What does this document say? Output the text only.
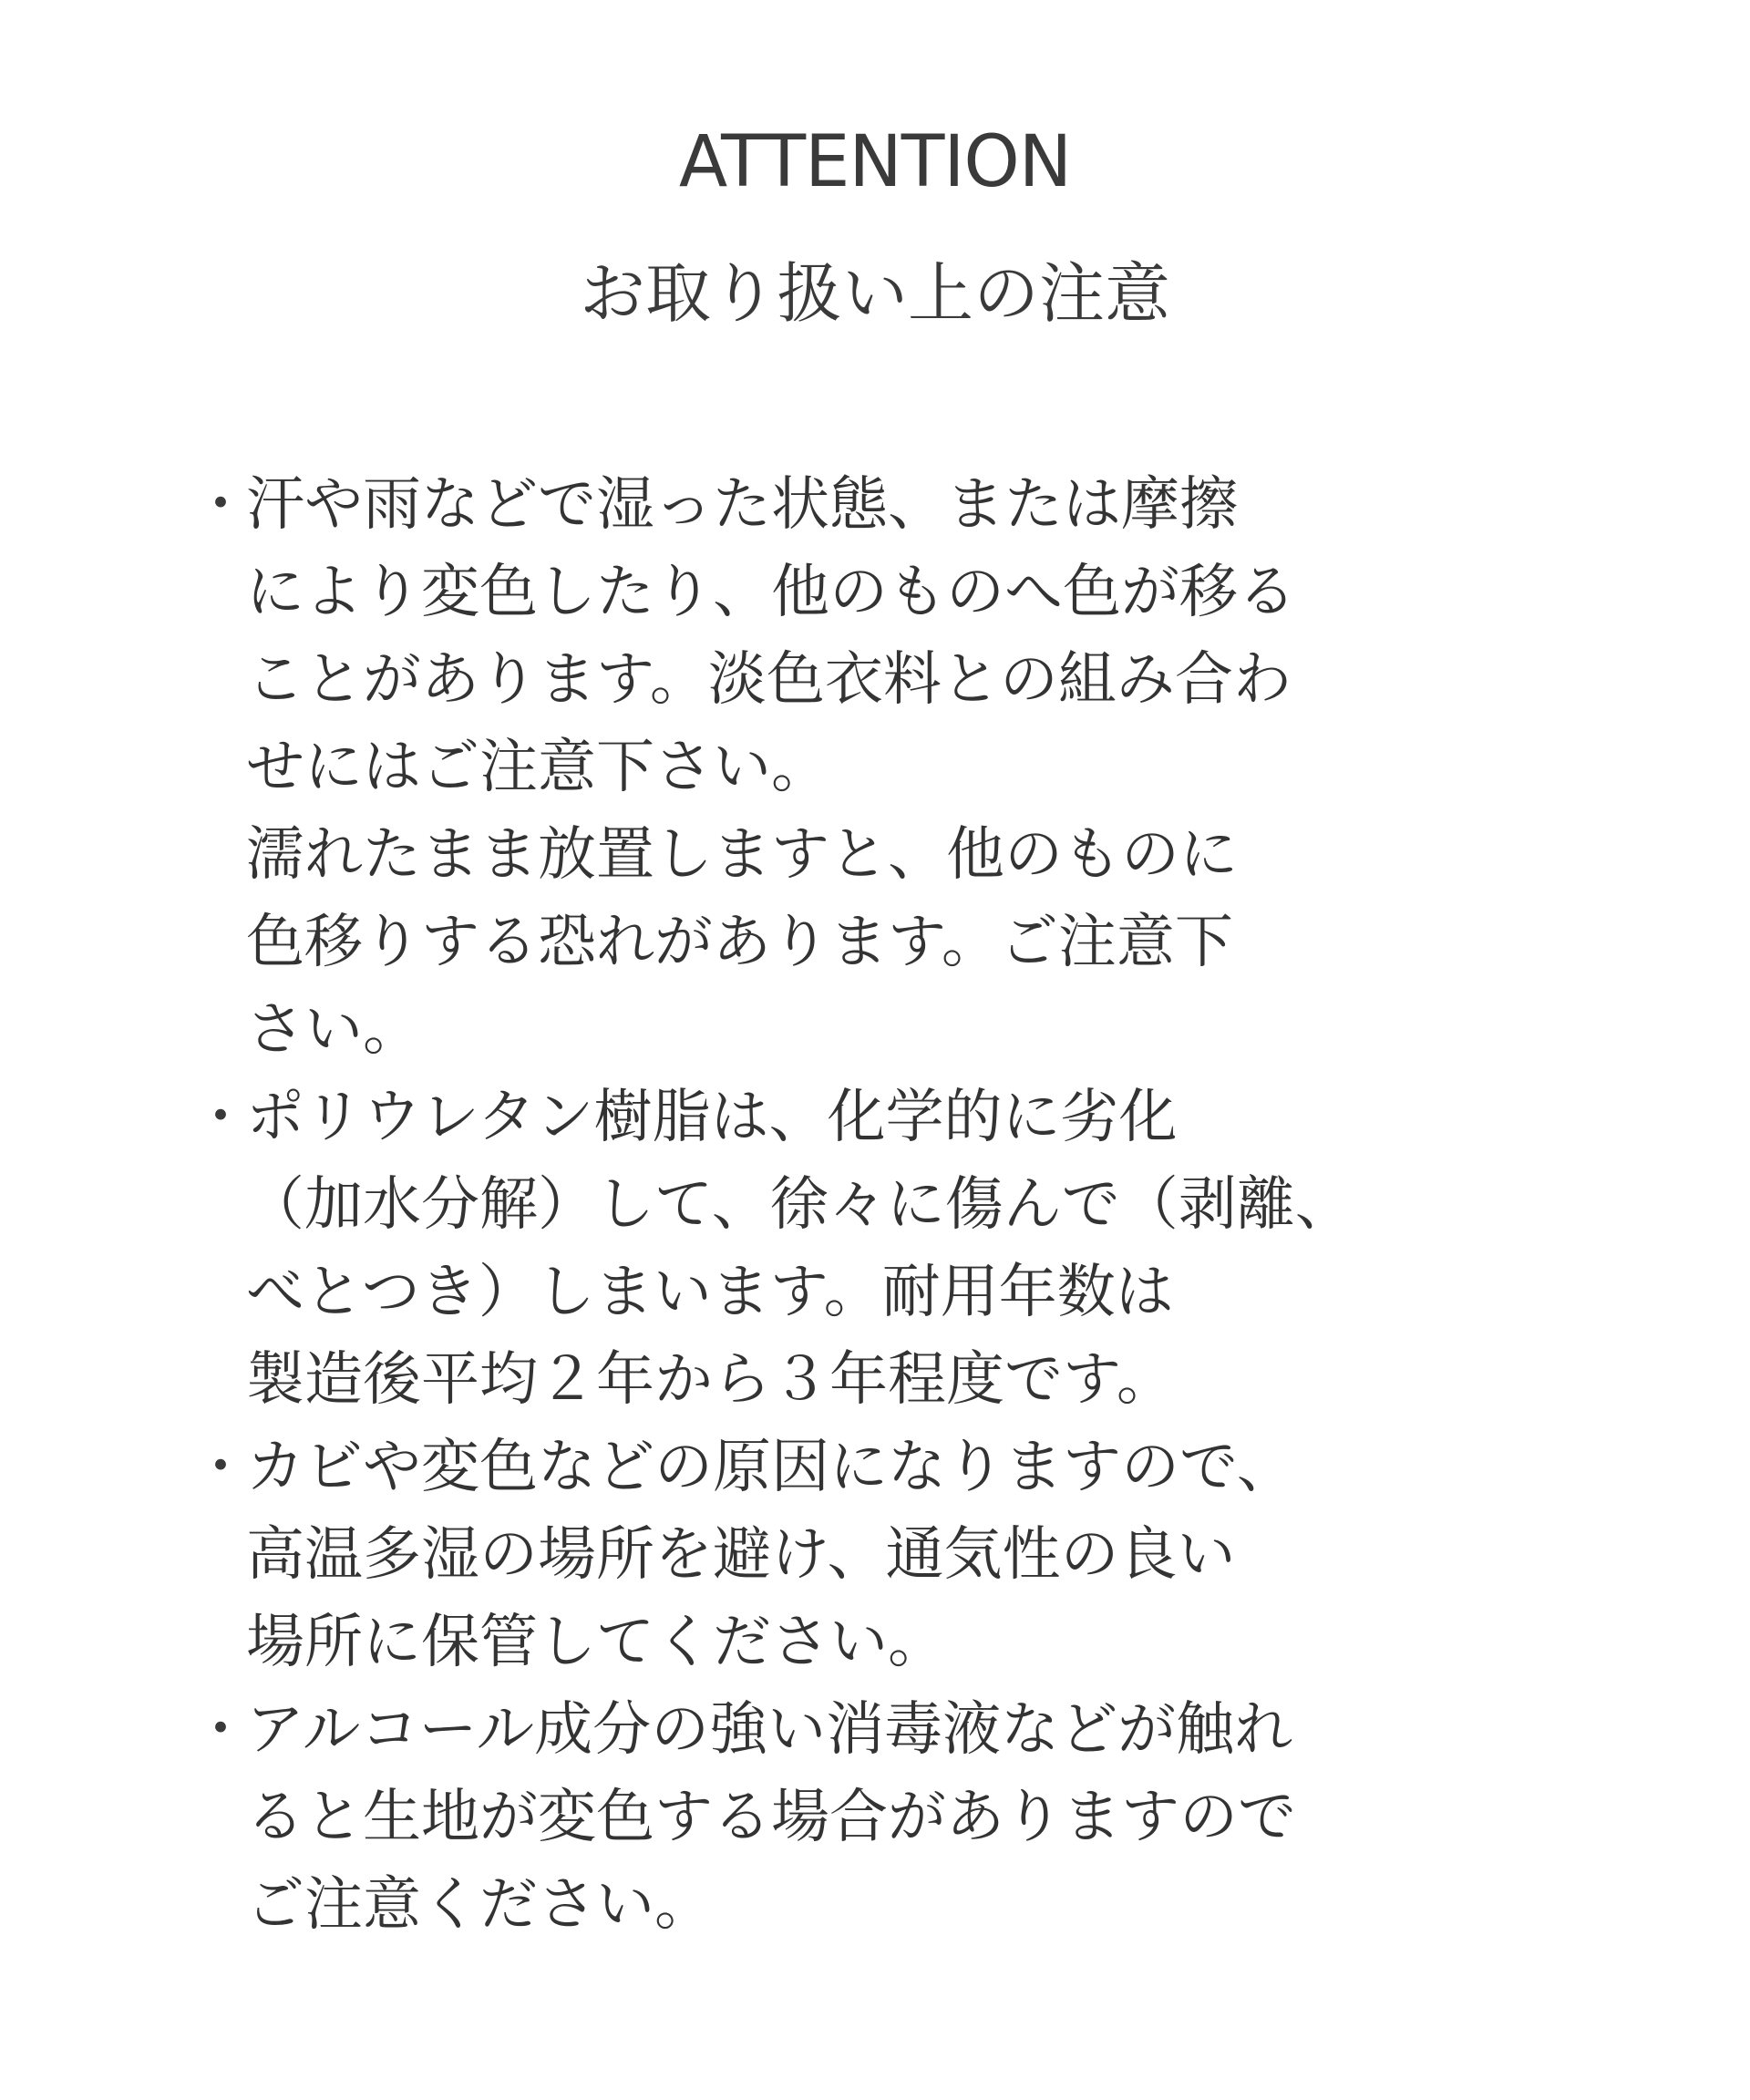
ATTENTION
お取り扱い上の注意
・
汗や雨などで湿った状態、または摩擦
により変色したり、他のものへ色が移る
ことがあります。淡色衣料との組み合わ
せにはご注意下さい。
濡れたまま放置しますと、他のものに
色移りする恐れがあります。ご注意下
さい。
・
ポリウレタン樹脂は、化学的に劣化
（加水分解）して、徐々に傷んで（剥離、
べとつき）しまいます。耐用年数は
製造後平均２年から３年程度です。
・
カビや変色などの原因になりますので、
高温多湿の場所を避け、通気性の良い
場所に保管してください。
・
アルコール成分の強い消毒液などが触れ
ると生地が変色する場合がありますので
ご注意ください。
